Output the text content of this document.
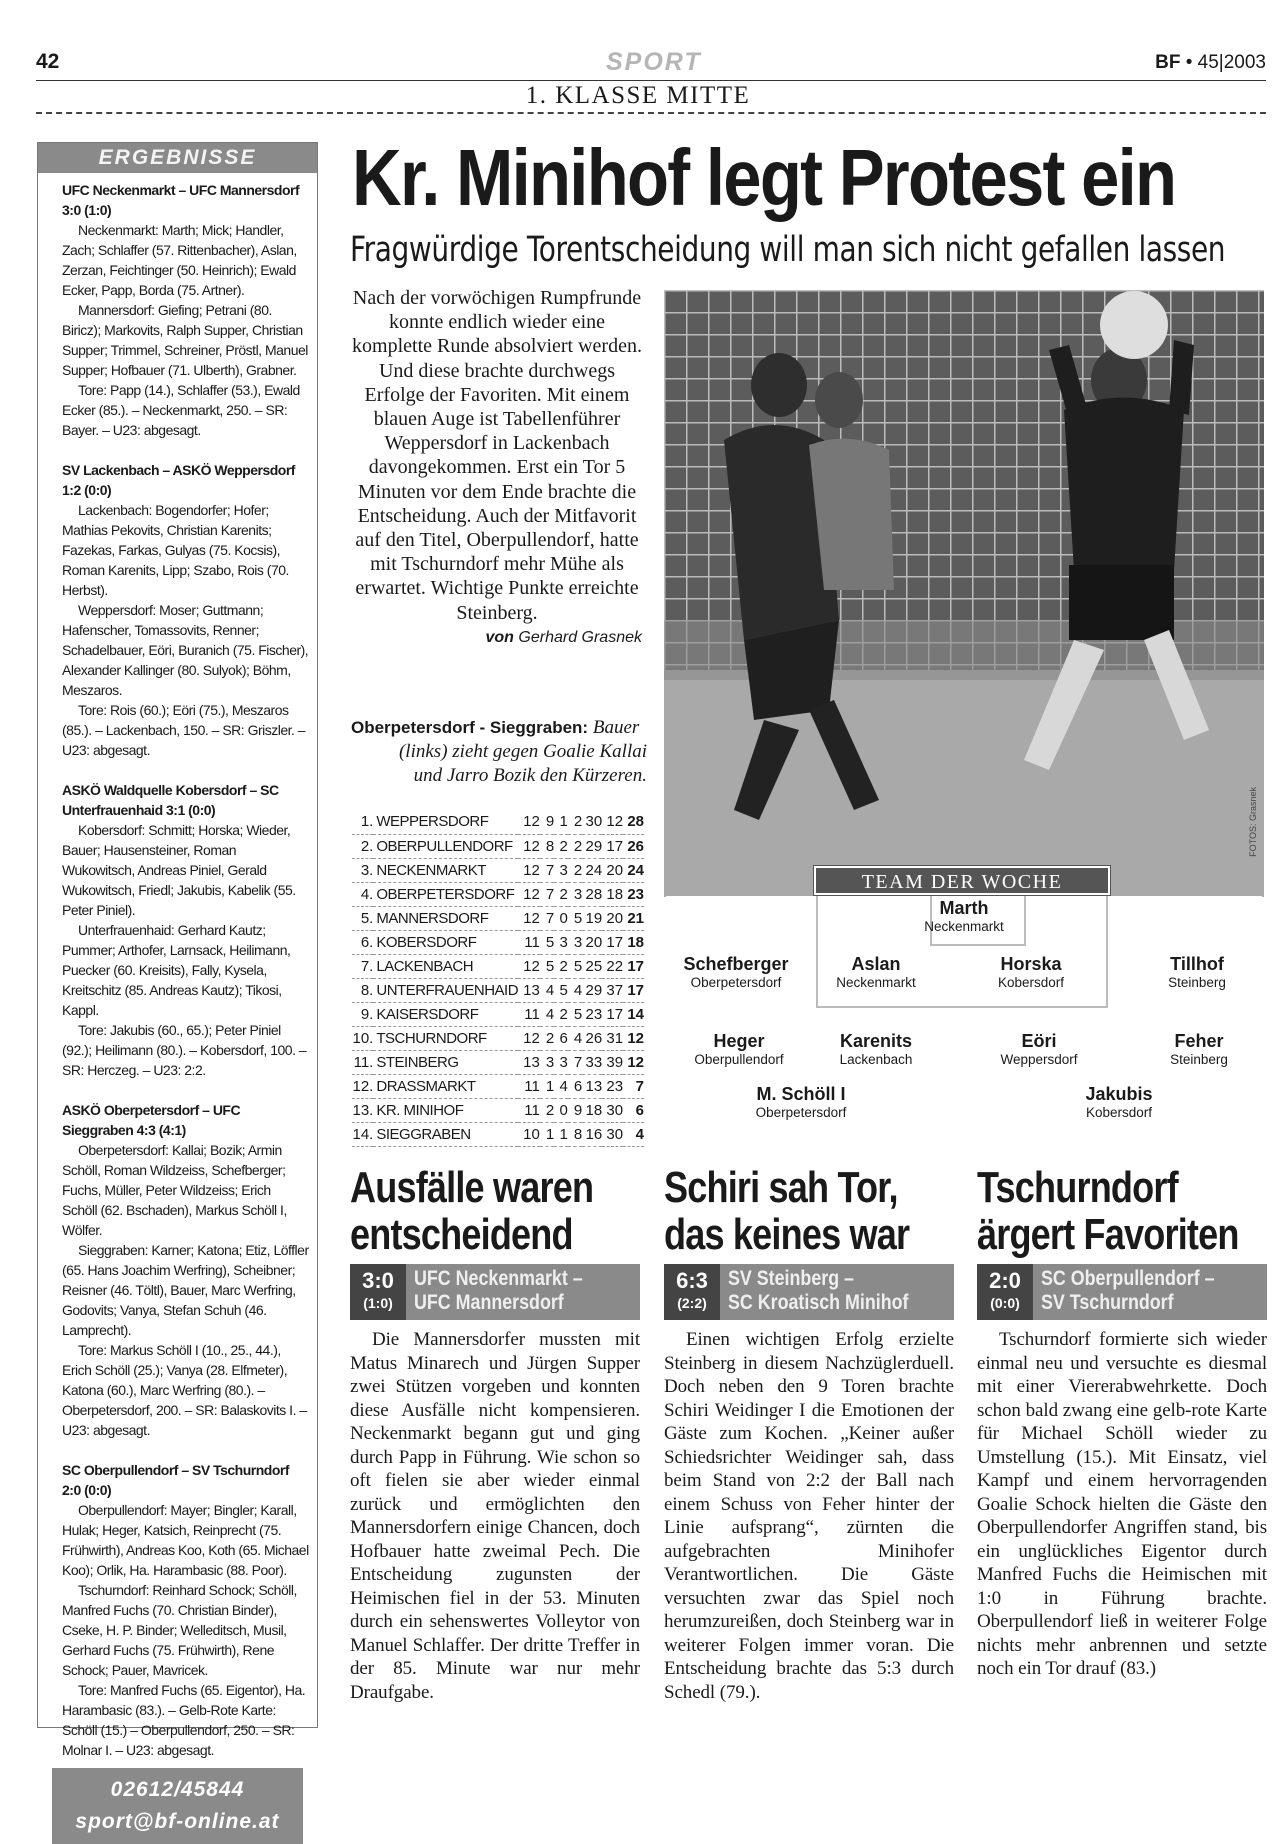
42	SPORT	BF • 45|2003
1. KLASSE MITTE
ERGEBNISSE

UFC Neckenmarkt – UFC Mannersdorf

3:0 (1:0)

Neckenmarkt: Marth; Mick; Handler, Zach; Schlaffer (57. Rittenbacher), Aslan, Zerzan, Feichtinger (50. Heinrich); Ewald Ecker, Papp, Borda (75. Artner).

Mannersdorf: Giefing; Petrani (80. Biricz); Markovits, Ralph Supper, Christian Supper; Trimmel, Schreiner, Pröstl, Manuel Supper; Hofbauer (71. Ulberth), Grabner.

Tore: Papp (14.), Schlaffer (53.), Ewald Ecker (85.). – Neckenmarkt, 250. – SR: Bayer. – U23: abgesagt.

SV Lackenbach – ASKÖ Weppersdorf

1:2 (0:0)

Lackenbach: Bogendorfer; Hofer; Mathias Pekovits, Christian Karenits; Fazekas, Farkas, Gulyas (75. Kocsis), Roman Karenits, Lipp; Szabo, Rois (70. Herbst).

Weppersdorf: Moser; Guttmann; Hafenscher, Tomassovits, Renner; Schadelbauer, Eöri, Buranich (75. Fischer), Alexander Kallinger (80. Sulyok); Böhm, Meszaros.

Tore: Rois (60.); Eöri (75.), Meszaros (85.). – Lackenbach, 150. – SR: Griszler. – U23: abgesagt.

ASKÖ Waldquelle Kobersdorf – SC Unterfrauenhaid 3:1 (0:0)

Kobersdorf: Schmitt; Horska; Wieder, Bauer; Hausensteiner, Roman Wukowitsch, Andreas Piniel, Gerald Wukowitsch, Friedl; Jakubis, Kabelik (55. Peter Piniel).

Unterfrauenhaid: Gerhard Kautz; Pummer; Arthofer, Larnsack, Heilimann, Puecker (60. Kreisits), Fally, Kysela, Kreitschitz (85. Andreas Kautz); Tikosi, Kappl.

Tore: Jakubis (60., 65.); Peter Piniel (92.); Heilimann (80.). – Kobersdorf, 100. – SR: Herczeg. – U23: 2:2.

ASKÖ Oberpetersdorf – UFC Sieggraben 4:3 (4:1)

Oberpetersdorf: Kallai; Bozik; Armin Schöll, Roman Wildzeiss, Schefberger; Fuchs, Müller, Peter Wildzeiss; Erich Schöll (62. Bschaden), Markus Schöll I, Wölfer.

Sieggraben: Karner; Katona; Etiz, Löffler (65. Hans Joachim Werfring), Scheibner; Reisner (46. Töltl), Bauer, Marc Werfring, Godovits; Vanya, Stefan Schuh (46. Lamprecht).

Tore: Markus Schöll I (10., 25., 44.), Erich Schöll (25.); Vanya (28. Elfmeter), Katona (60.), Marc Werfring (80.). – Oberpetersdorf, 200. – SR: Balaskovits I. – U23: abgesagt.

SC Oberpullendorf – SV Tschurndorf

2:0 (0:0)

Oberpullendorf: Mayer; Bingler; Karall, Hulak; Heger, Katsich, Reinprecht (75. Frühwirth), Andreas Koo, Koth (65. Michael Koo); Orlik, Ha. Harambasic (88. Poor).

Tschurndorf: Reinhard Schock; Schöll, Manfred Fuchs (70. Christian Binder), Cseke, H. P. Binder; Welleditsch, Musil, Gerhard Fuchs (75. Frühwirth), Rene Schock; Pauer, Mavricek.

Tore: Manfred Fuchs (65. Eigentor), Ha. Harambasic (83.). – Gelb-Rote Karte: Schöll (15.) – Oberpullendorf, 250. – SR: Molnar I. – U23: abgesagt.

02612/45844
sport@bf-online.at
Kr. Minihof legt Protest ein
Fragwürdige Torentscheidung will man sich nicht gefallen lassen
Nach der vorwöchigen Rumpfrunde konnte endlich wieder eine komplette Runde absolviert werden. Und diese brachte durchwegs Erfolge der Favoriten. Mit einem blauen Auge ist Tabellenführer Weppersdorf in Lackenbach davongekommen. Erst ein Tor 5 Minuten vor dem Ende brachte die Entscheidung. Auch der Mitfavorit auf den Titel, Oberpullendorf, hatte mit Tschurndorf mehr Mühe als erwartet. Wichtige Punkte erreichte Steinberg.
von Gerhard Grasnek
Oberpetersdorf - Sieggraben: Bauer
(links) zieht gegen Goalie Kallai
und Jarro Bozik den Kürzeren.
1.	WEPPERSDORF	12	9	1	2	30	12	28
2.	OBERPULLENDORF	12	8	2	2	29	17	26
3.	NECKENMARKT	12	7	3	2	24	20	24
4.	OBERPETERSDORF	12	7	2	3	28	18	23
5.	MANNERSDORF	12	7	0	5	19	20	21
6.	KOBERSDORF	11	5	3	3	20	17	18
7.	LACKENBACH	12	5	2	5	25	22	17
8.	UNTERFRAUENHAID	13	4	5	4	29	37	17
9.	KAISERSDORF	11	4	2	5	23	17	14
10.	TSCHURNDORF	12	2	6	4	26	31	12
11.	STEINBERG	13	3	3	7	33	39	12
12.	DRASSMARKT	11	1	4	6	13	23	7
13.	KR. MINIHOF	11	2	0	9	18	30	6
14.	SIEGGRABEN	10	1	1	8	16	30	4
FOTOS: Grasnek
TEAM DER WOCHE
Marth
Neckenmarkt
Schefberger
Oberpetersdorf
Aslan
Neckenmarkt
Horska
Kobersdorf
Tillhof
Steinberg
Heger
Oberpullendorf
Karenits
Lackenbach
Eöri
Weppersdorf
Feher
Steinberg
M. Schöll I
Oberpetersdorf
Jakubis
Kobersdorf
Ausfälle waren
entscheidend
3:0
(1:0)
UFC Neckenmarkt –
UFC Mannersdorf

Die Mannersdorfer mussten mit Matus Minarech und Jürgen Supper zwei Stützen vorgeben und konnten diese Ausfälle nicht kompensieren. Neckenmarkt begann gut und ging durch Papp in Führung. Wie schon so oft fielen sie aber wieder einmal zurück und ermöglichten den Mannersdorfern einige Chancen, doch Hofbauer hatte zweimal Pech. Die Entscheidung zugunsten der Heimischen fiel in der 53. Minuten durch ein sehenswertes Volleytor von Manuel Schlaffer. Der dritte Treffer in der 85. Minute war nur mehr Draufgabe.

Schiri sah Tor,
das keines war
6:3
(2:2)
SV Steinberg –
SC Kroatisch Minihof

Einen wichtigen Erfolg erzielte Steinberg in diesem Nachzüglerduell. Doch neben den 9 Toren brachte Schiri Weidinger I die Emotionen der Gäste zum Kochen. „Keiner außer Schiedsrichter Weidinger sah, dass beim Stand von 2:2 der Ball nach einem Schuss von Feher hinter der Linie aufsprang“, zürnten die aufgebrachten Minihofer Verantwortlichen. Die Gäste versuchten zwar das Spiel noch herumzureißen, doch Steinberg war in weiterer Folgen immer voran. Die Entscheidung brachte das 5:3 durch Schedl (79.).

Tschurndorf
ärgert Favoriten
2:0
(0:0)
SC Oberpullendorf –
SV Tschurndorf

Tschurndorf formierte sich wieder einmal neu und versuchte es diesmal mit einer Viererabwehrkette. Doch schon bald zwang eine gelb-rote Karte für Michael Schöll wieder zu Umstellung (15.). Mit Einsatz, viel Kampf und einem hervorragenden Goalie Schock hielten die Gäste den Oberpullendorfer Angriffen stand, bis ein unglückliches Eigentor durch Manfred Fuchs die Heimischen mit 1:0 in Führung brachte. Oberpullendorf ließ in weiterer Folge nichts mehr anbrennen und setzte noch ein Tor drauf (83.)
